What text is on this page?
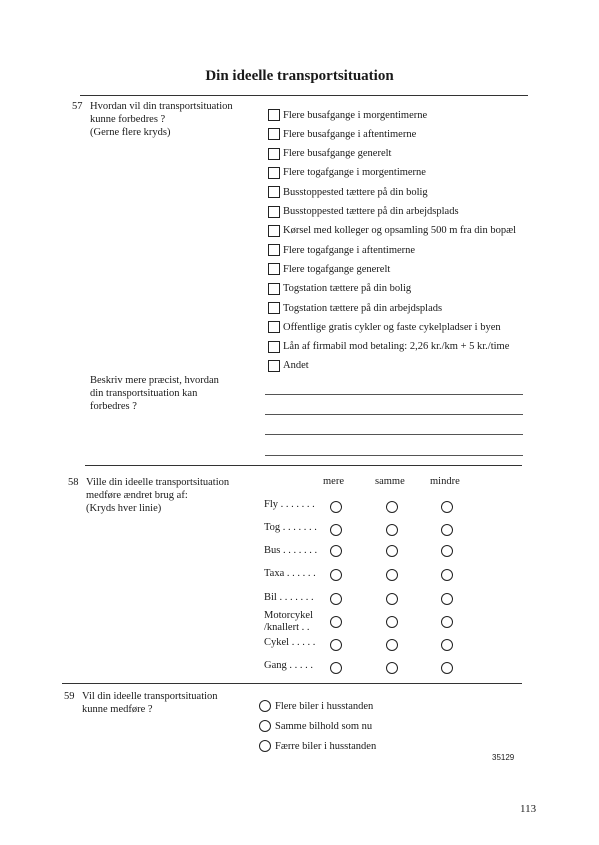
Din ideelle transportsituation
57 Hvordan vil din transportsituation
kunne forbedres ?
(Gerne flere kryds)
Flere busafgange i morgentimerne
Flere busafgange i aftentimerne
Flere busafgange generelt
Flere togafgange i morgentimerne
Busstoppested tættere på din bolig
Busstoppested tættere på din arbejdsplads
Kørsel med kolleger og opsamling 500 m fra din bopæl
Flere togafgange i aftentimerne
Flere togafgange generelt
Togstation tættere på din bolig
Togstation tættere på din arbejdsplads
Offentlige gratis cykler og faste cykelpladser i byen
Lån af firmabil mod betaling: 2,26 kr./km + 5 kr./time
Andet
Beskriv mere præcist, hvordan
din transportsituation kan
forbedres ?
58 Ville din ideelle transportsituation
medføre ændret brug af:
(Kryds hver linie)
mere	samme mindre
Fly . . . . . . .
Tog . . . . . . .
Bus . . . . . . .
Taxa . . . . . .
Bil . . . . . . .
Motorcykel
/knallert . .
Cykel . . . . .
Gang . . . . .
59 Vil din ideelle transportsituation
kunne medføre ?	Flere biler i husstanden
Samme bilhold som nu
Færre biler i husstanden
35129
113
